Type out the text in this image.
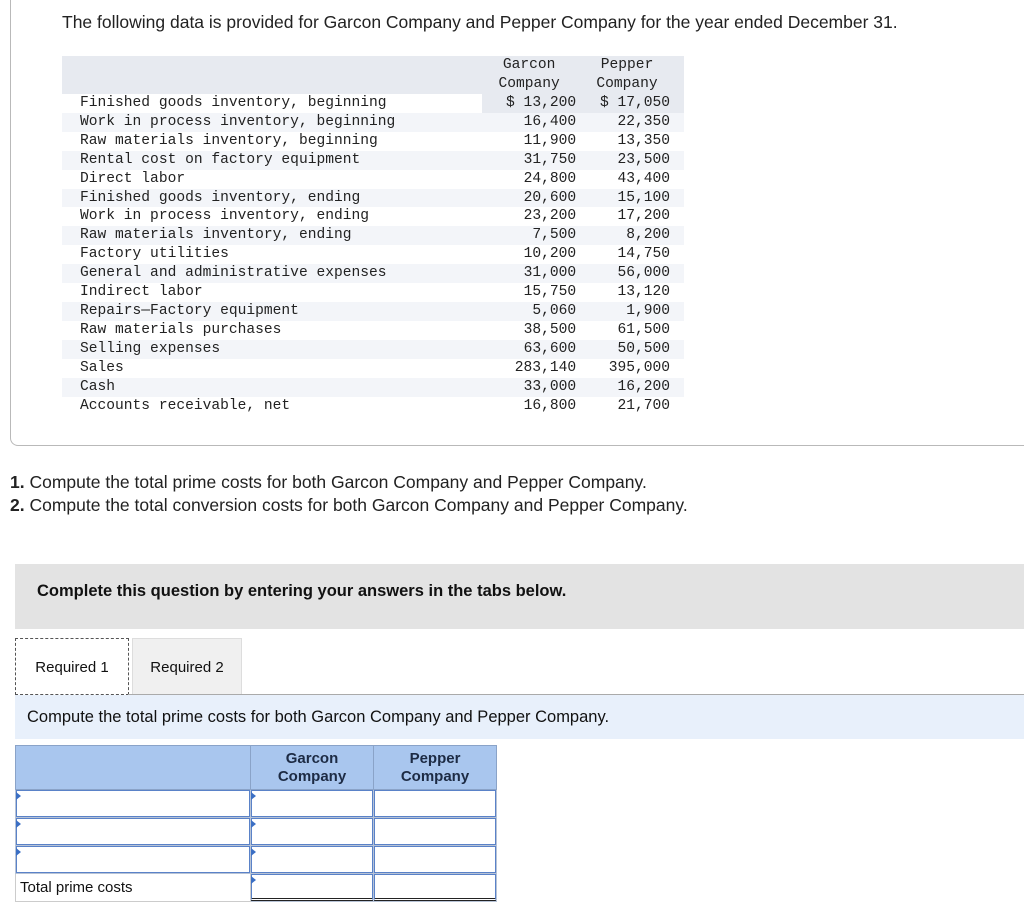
The following data is provided for Garcon Company and Pepper Company for the year ended December 31.
	Garcon	Pepper
	Company	Company
Finished goods inventory, beginning	$ 13,200	$ 17,050
Work in process inventory, beginning	16,400	22,350
Raw materials inventory, beginning	11,900	13,350
Rental cost on factory equipment	31,750	23,500
Direct labor	24,800	43,400
Finished goods inventory, ending	20,600	15,100
Work in process inventory, ending	23,200	17,200
Raw materials inventory, ending	7,500	8,200
Factory utilities	10,200	14,750
General and administrative expenses	31,000	56,000
Indirect labor	15,750	13,120
Repairs—Factory equipment	5,060	1,900
Raw materials purchases	38,500	61,500
Selling expenses	63,600	50,500
Sales	283,140	395,000
Cash	33,000	16,200
Accounts receivable, net	16,800	21,700
1. Compute the total prime costs for both Garcon Company and Pepper Company.
2. Compute the total conversion costs for both Garcon Company and Pepper Company.
Complete this question by entering your answers in the tabs below.
Required 1	Required 2
Compute the total prime costs for both Garcon Company and Pepper Company.
	Garcon Company	Pepper Company

Total prime costs	
